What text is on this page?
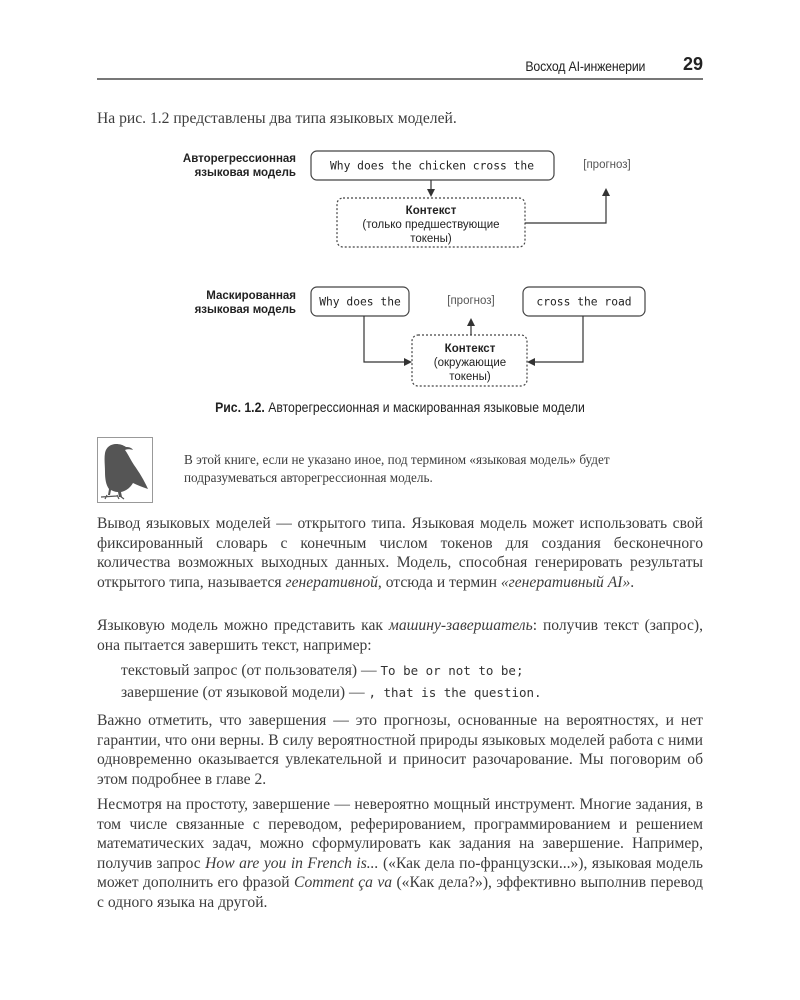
Восход AI-инженерии 29
На рис. 1.2 представлены два типа языковых моделей.
Авторегрессионная
языковая модель
Why does the chicken cross the	[прогноз]
Контекст
(только предшествующие
токены)
Маскированная
языковая модель
Why does the	[прогноз]	cross the road
Контекст
(окружающие
токены)
Рис. 1.2. Авторегрессионная и маскированная языковые модели
В этой книге, если не указано иное, под термином «языковая модель» будет
подразумеваться авторегрессионная модель.
Вывод языковых моделей — открытого типа. Языковая модель может использовать свой фиксированный словарь с конечным числом токенов для создания бесконечного количества возможных выходных данных. Модель, способная генерировать результаты открытого типа, называется генеративной, отсюда и термин «генеративный AI».
Языковую модель можно представить как машину-завершатель: получив текст (запрос), она пытается завершить текст, например:
текстовый запрос (от пользователя) — To be or not to be;
завершение (от языковой модели) — , that is the question.
Важно отметить, что завершения — это прогнозы, основанные на вероятностях, и нет гарантии, что они верны. В силу вероятностной природы языковых моделей работа с ними одновременно оказывается увлекательной и приносит разочарование. Мы поговорим об этом подробнее в главе 2.
Несмотря на простоту, завершение — невероятно мощный инструмент. Многие задания, в том числе связанные с переводом, реферированием, программированием и решением математических задач, можно сформулировать как задания на завершение. Например, получив запрос How are you in French is... («Как дела по-французски...»), языковая модель может дополнить его фразой Comment ça va («Как дела?»), эффективно выполнив перевод с одного языка на другой.
